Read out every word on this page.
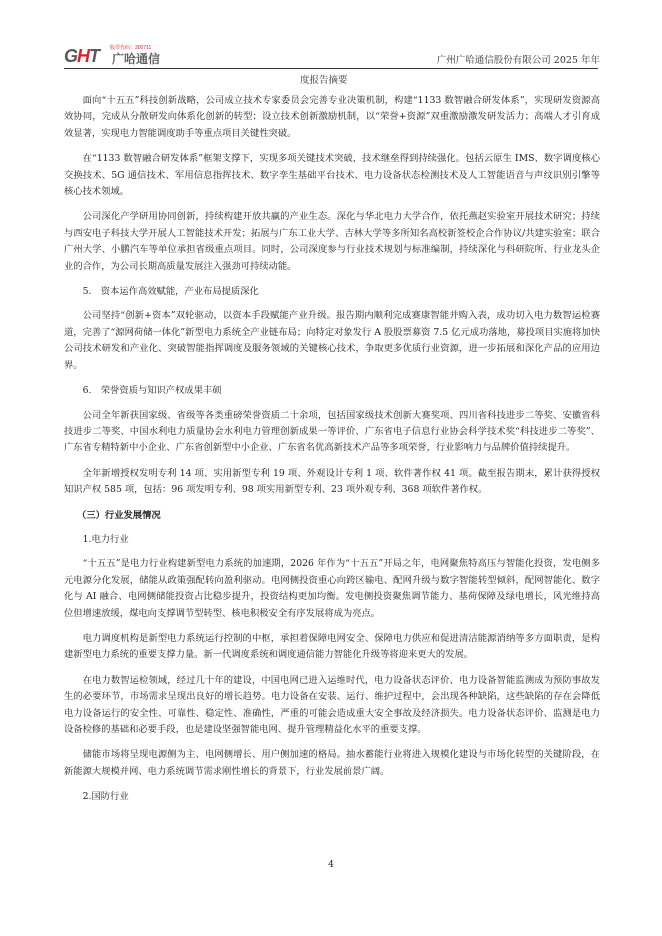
GHT 股票代码：300711
广哈通信	广州广哈通信股份有限公司 2025 年年
度报告摘要

面向“十五五”科技创新战略，公司成立技术专家委员会完善专业决策机制，构建“1133 数智融合研发体系”，实现研发资源高效协同，完成从分散研发向体系化创新的转型；设立技术创新激励机制，以“荣誉+资源”双重激励激发研发活力；高端人才引育成效显著，实现电力智能调度助手等重点项目关键性突破。

在“1133 数智融合研发体系”框架支撑下，实现多项关键技术突破，技术继垒得到持续强化。包括云原生 IMS、数字调度核心交换技术、5G 通信技术、军用信息指挥技术、数字孪生基础平台技术、电力设备状态检测技术及人工智能语音与声纹识别引擎等核心技术领域。

公司深化产学研用协同创新，持续构建开放共赢的产业生态。深化与华北电力大学合作，依托燕赵实验室开展技术研究；持续与西安电子科技大学开展人工智能技术开发；拓展与广东工业大学、吉林大学等多所知名高校新签校企合作协议/共建实验室；联合广州大学、小鹏汽车等单位承担省级重点项目。同时，公司深度参与行业技术规划与标准编制，持续深化与科研院所、行业龙头企业的合作，为公司长期高质量发展注入强劲可持续动能。

5.　资本运作高效赋能，产业布局提质深化

公司坚持“创新+资本”双轮驱动，以资本手段赋能产业升级。报告期内顺利完成赛康智能并购入表，成功切入电力数智运检赛道，完善了“源网荷储一体化”新型电力系统全产业链布局；向特定对象发行 A 股股票募资 7.5 亿元成功落地，募投项目实施将加快公司技术研发和产业化、突破智能指挥调度及服务领域的关键核心技术，争取更多优质行业资源，进一步拓展和深化产品的应用边界。

6.　荣誉资质与知识产权成果丰硕

公司全年新获国家级、省级等各类重磅荣誉资质二十余项，包括国家级技术创新大赛奖项、四川省科技进步二等奖、安徽省科技进步二等奖、中国水利电力质量协会水利电力管理创新成果一等评价、广东省电子信息行业协会科学技术奖“科技进步二等奖”、广东省专精特新中小企业、广东省创新型中小企业、广东省名优高新技术产品等多项荣誉，行业影响力与品牌价值持续提升。

全年新增授权发明专利 14 项、实用新型专利 19 项、外观设计专利 1 项、软件著作权 41 项。截至报告期末，累计获得授权知识产权 585 项，包括：96 项发明专利、98 项实用新型专利、23 项外观专利、368 项软件著作权。

（三）行业发展情况
1.电力行业

“十五五”是电力行业构建新型电力系统的加速期，2026 年作为“十五五”开局之年，电网聚焦特高压与智能化投资，发电侧多元电源分化发展，储能从政策强配转向盈利驱动。电网侧投资重心向跨区输电、配网升级与数字智能转型倾斜，配网智能化、数字化与 AI 融合、电网侧储能投资占比稳步提升，投资结构更加均衡。发电侧投资聚焦调节能力、基荷保障及绿电增长，风光维持高位但增速放缓，煤电向支撑调节型转型、核电积极安全有序发展将成为亮点。

电力调度机构是新型电力系统运行控制的中枢，承担着保障电网安全、保障电力供应和促进清洁能源消纳等多方面职责，是构建新型电力系统的重要支撑力量。新一代调度系统和调度通信能力智能化升级等将迎来更大的发展。

在电力数智运检领域，经过几十年的建设，中国电网已进入运维时代，电力设备状态评价、电力设备智能监测成为预防事故发生的必要环节，市场需求呈现出良好的增长趋势。电力设备在安装、运行、维护过程中，会出现各种缺陷，这些缺陷的存在会降低电力设备运行的安全性、可靠性、稳定性、准确性，严重的可能会造成重大安全事故及经济损失。电力设备状态评价、监测是电力设备检修的基础和必要手段，也是建设坚强智能电网、提升管理精益化水平的重要支撑。

储能市场将呈现电源侧为主、电网侧增长、用户侧加速的格局。抽水蓄能行业将进入规模化建设与市场化转型的关键阶段，在新能源大规模并网、电力系统调节需求刚性增长的背景下，行业发展前景广阔。

2.国防行业
4
